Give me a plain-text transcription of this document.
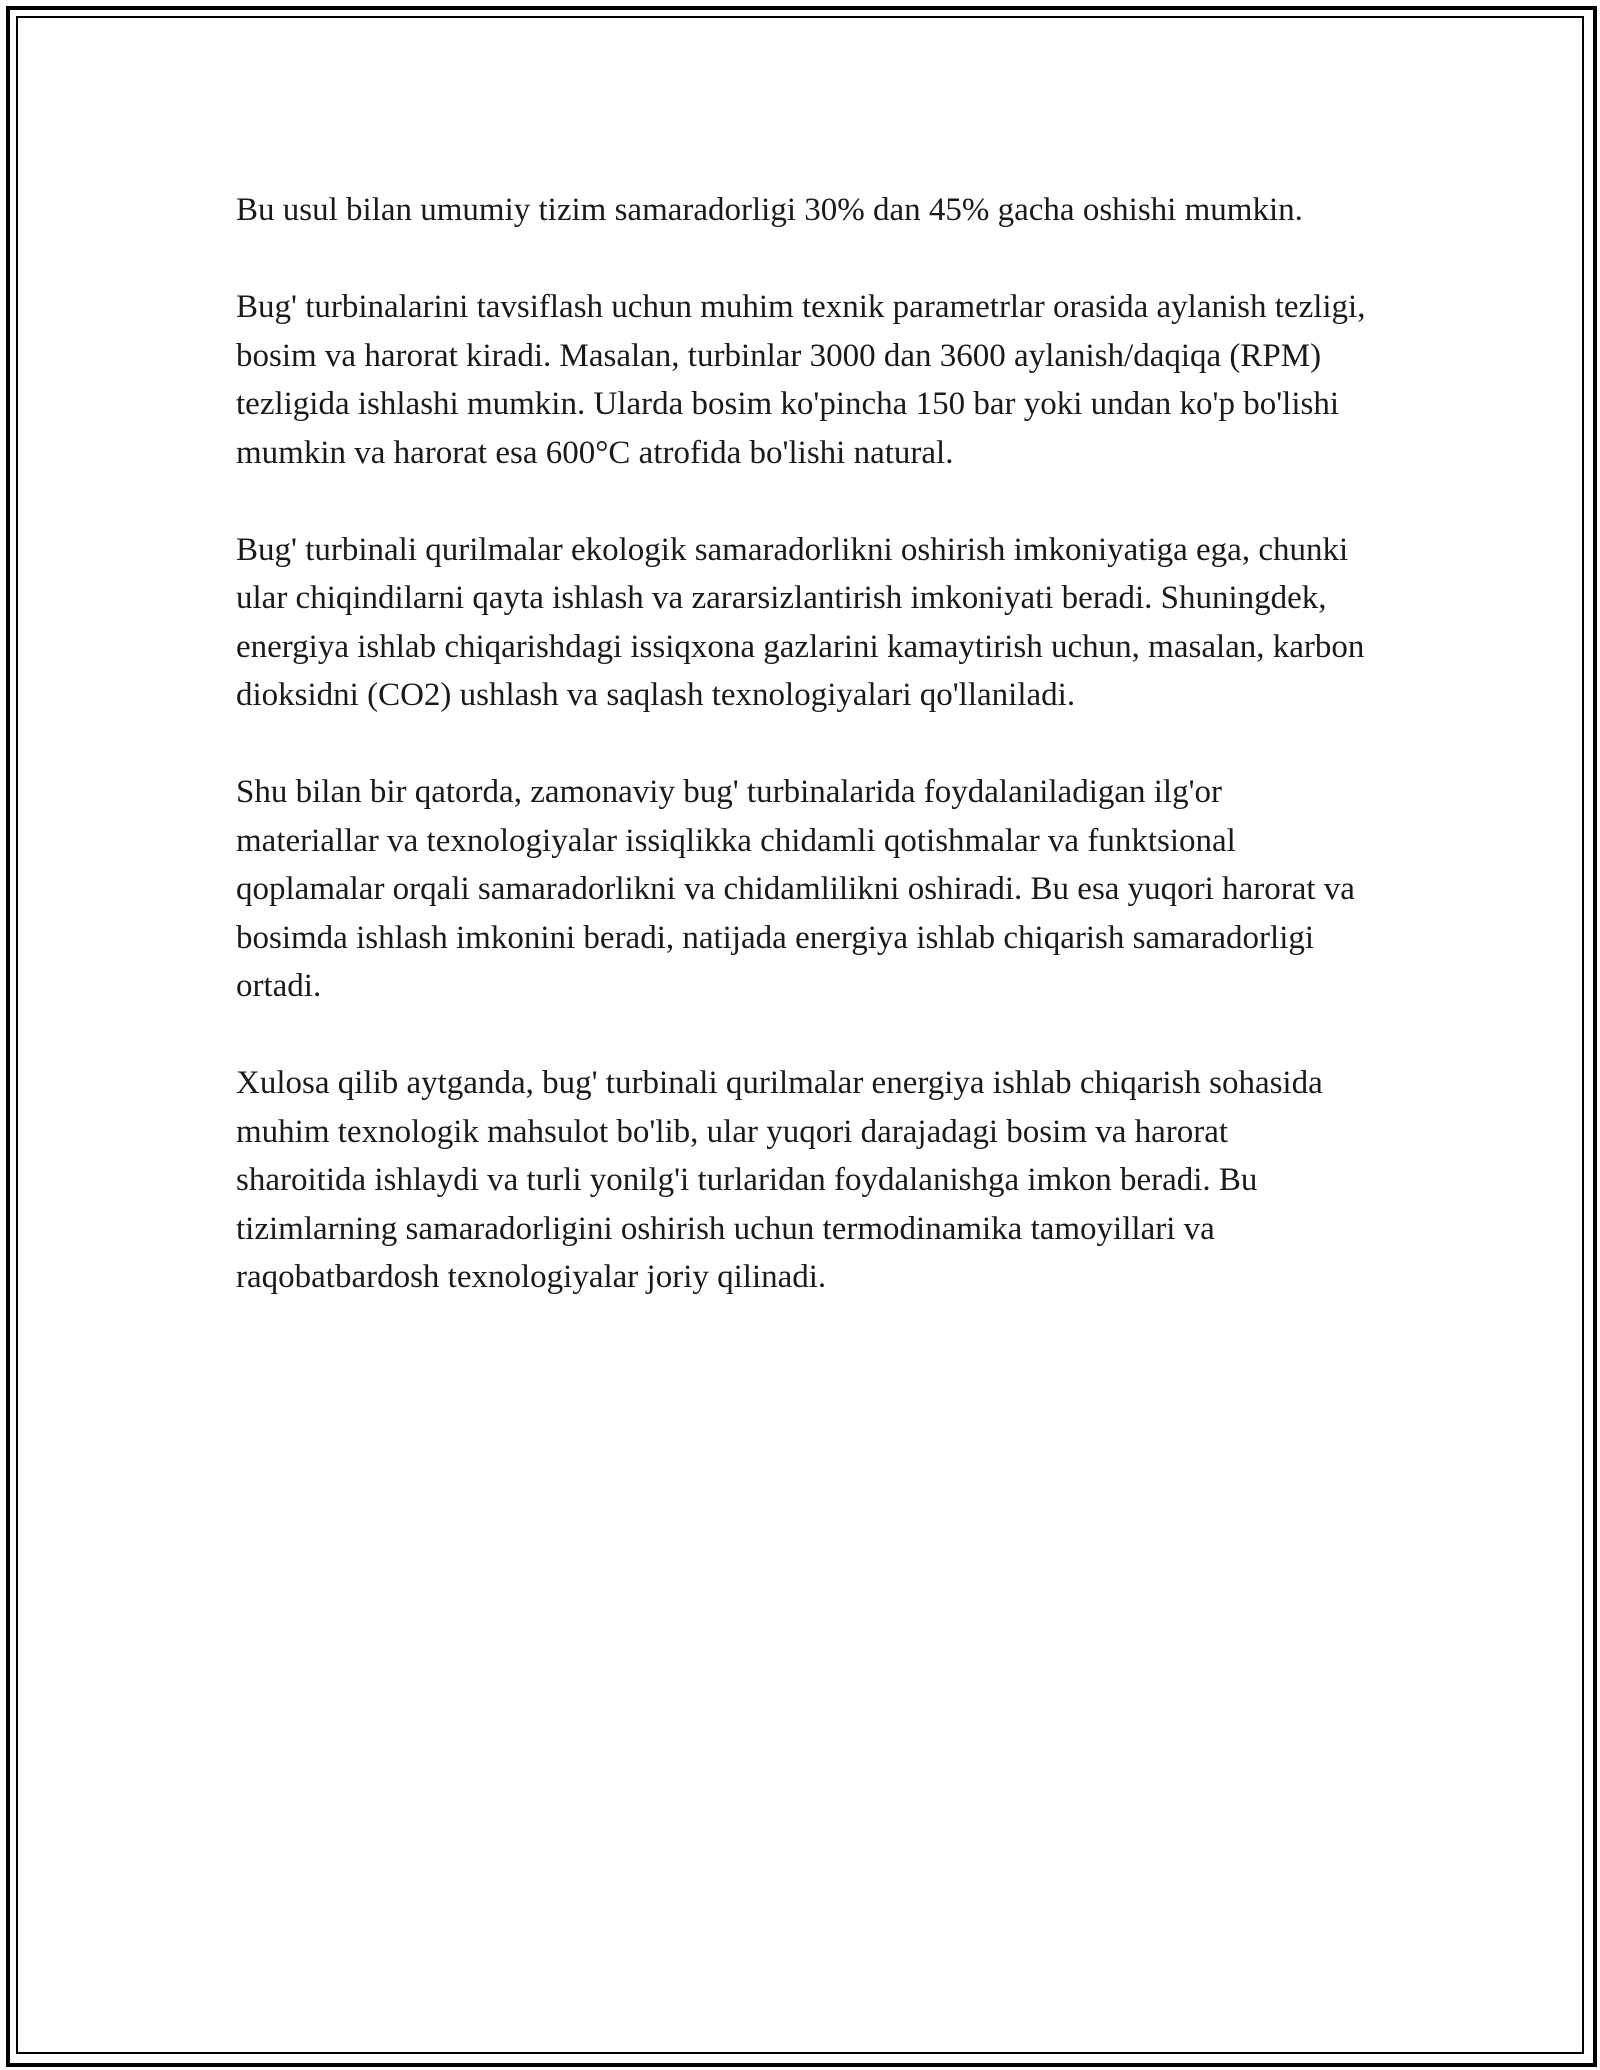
Bu usul bilan umumiy tizim samaradorligi 30% dan 45% gacha oshishi mumkin.

Bug' turbinalarini tavsiflash uchun muhim texnik parametrlar orasida aylanish tezligi, bosim va harorat kiradi. Masalan, turbinlar 3000 dan 3600 aylanish/daqiqa (RPM) tezligida ishlashi mumkin. Ularda bosim ko'pincha 150 bar yoki undan ko'p bo'lishi mumkin va harorat esa 600°C atrofida bo'lishi natural.

Bug' turbinali qurilmalar ekologik samaradorlikni oshirish imkoniyatiga ega, chunki ular chiqindilarni qayta ishlash va zararsizlantirish imkoniyati beradi. Shuningdek, energiya ishlab chiqarishdagi issiqxona gazlarini kamaytirish uchun, masalan, karbon dioksidni (CO2) ushlash va saqlash texnologiyalari qo'llaniladi.

Shu bilan bir qatorda, zamonaviy bug' turbinalarida foydalaniladigan ilg'or materiallar va texnologiyalar issiqlikka chidamli qotishmalar va funktsional qoplamalar orqali samaradorlikni va chidamlilikni oshiradi. Bu esa yuqori harorat va bosimda ishlash imkonini beradi, natijada energiya ishlab chiqarish samaradorligi ortadi.

Xulosa qilib aytganda, bug' turbinali qurilmalar energiya ishlab chiqarish sohasida muhim texnologik mahsulot bo'lib, ular yuqori darajadagi bosim va harorat sharoitida ishlaydi va turli yonilg'i turlaridan foydalanishga imkon beradi. Bu tizimlarning samaradorligini oshirish uchun termodinamika tamoyillari va raqobatbardosh texnologiyalar joriy qilinadi.
